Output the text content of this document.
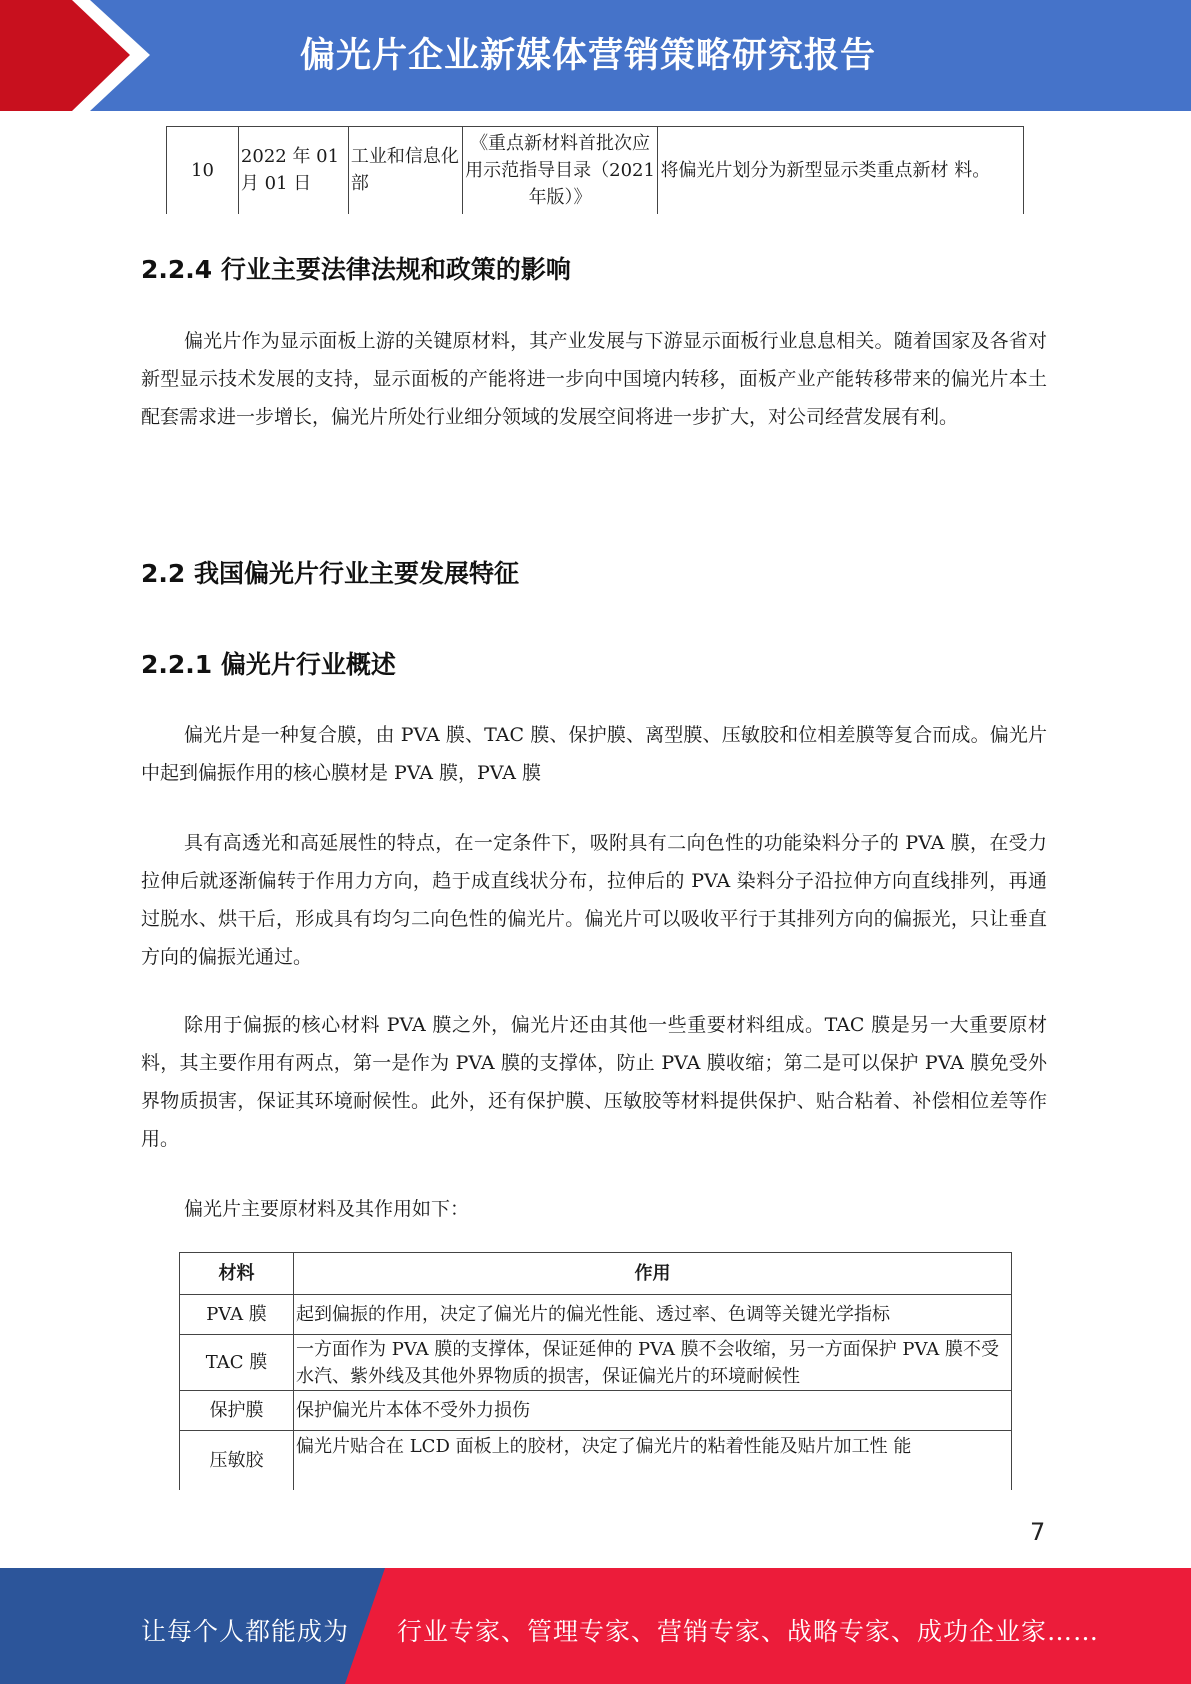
偏光片企业新媒体营销策略研究报告
10	2022 年 01 月 01 日	工业和信息化部	《重点新材料首批次应用示范指导目录（2021 年版）》	将偏光片划分为新型显示类重点新材 料。
2.2.4 行业主要法律法规和政策的影响

偏光片作为显示面板上游的关键原材料，其产业发展与下游显示面板行业息息相关。随着国家及各省对新型显示技术发展的支持，显示面板的产能将进一步向中国境内转移，面板产业产能转移带来的偏光片本土配套需求进一步增长，偏光片所处行业细分领域的发展空间将进一步扩大，对公司经营发展有利。

2.2 我国偏光片行业主要发展特征
2.2.1 偏光片行业概述

偏光片是一种复合膜，由 PVA 膜、TAC 膜、保护膜、离型膜、压敏胶和位相差膜等复合而成。偏光片中起到偏振作用的核心膜材是 PVA 膜，PVA 膜

具有高透光和高延展性的特点，在一定条件下，吸附具有二向色性的功能染料分子的 PVA 膜，在受力拉伸后就逐渐偏转于作用力方向，趋于成直线状分布，拉伸后的 PVA 染料分子沿拉伸方向直线排列，再通过脱水、烘干后，形成具有均匀二向色性的偏光片。偏光片可以吸收平行于其排列方向的偏振光，只让垂直方向的偏振光通过。

除用于偏振的核心材料 PVA 膜之外，偏光片还由其他一些重要材料组成。TAC 膜是另一大重要原材料，其主要作用有两点，第一是作为 PVA 膜的支撑体，防止 PVA 膜收缩；第二是可以保护 PVA 膜免受外界物质损害，保证其环境耐候性。此外，还有保护膜、压敏胶等材料提供保护、贴合粘着、补偿相位差等作用。

偏光片主要原材料及其作用如下：

材料	作用
PVA 膜	起到偏振的作用，决定了偏光片的偏光性能、透过率、色调等关键光学指标
TAC 膜	一方面作为 PVA 膜的支撑体，保证延伸的 PVA 膜不会收缩，另一方面保护 PVA 膜不受水汽、紫外线及其他外界物质的损害，保证偏光片的环境耐候性
保护膜	保护偏光片本体不受外力损伤
压敏胶	偏光片贴合在 LCD 面板上的胶材，决定了偏光片的粘着性能及贴片加工性 能
7
让每个人都能成为 行业专家、管理专家、营销专家、战略专家、成功企业家……
